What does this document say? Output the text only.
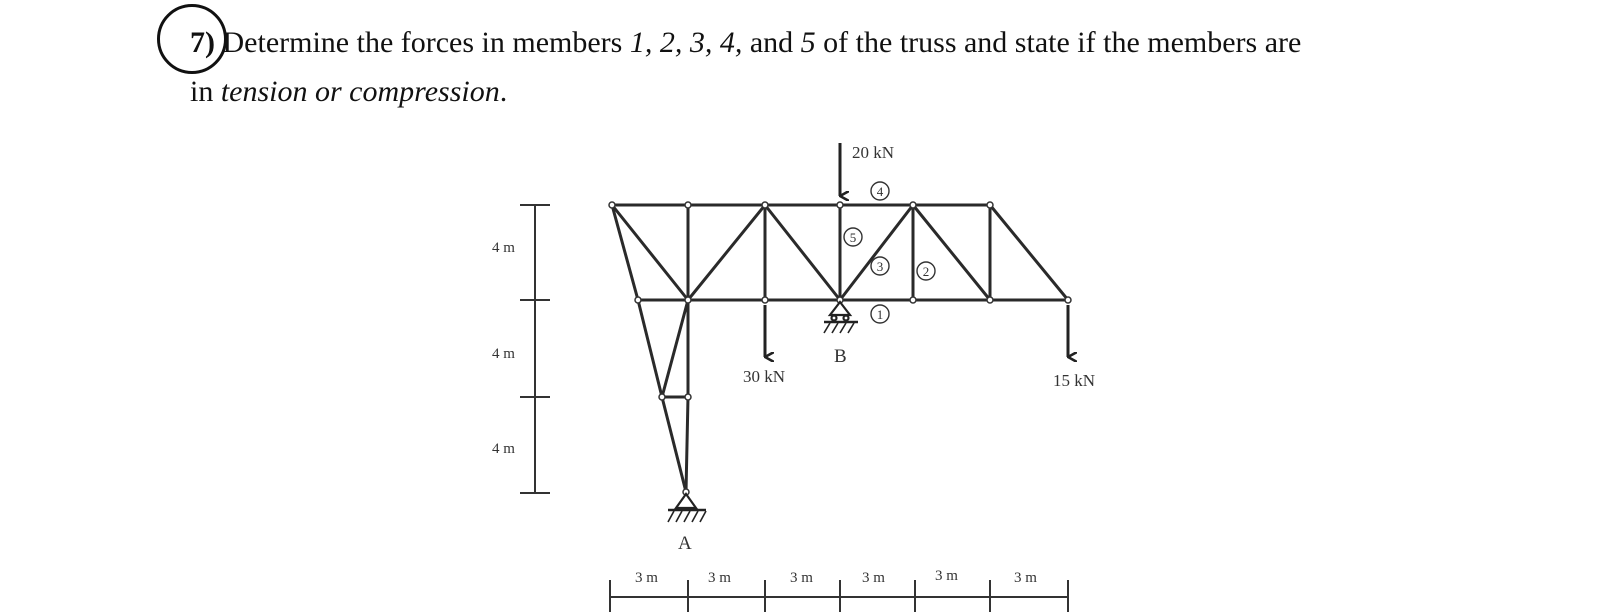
7) Determine the forces in members 1, 2, 3, 4, and 5 of the truss and state if the members are
in tension or compression.
A
B
20 kN
30 kN	15 kN
4
5
3	2
1
4 m
4 m
4 m
3 m	3 m	3 m	3 m	3 m	3 m
